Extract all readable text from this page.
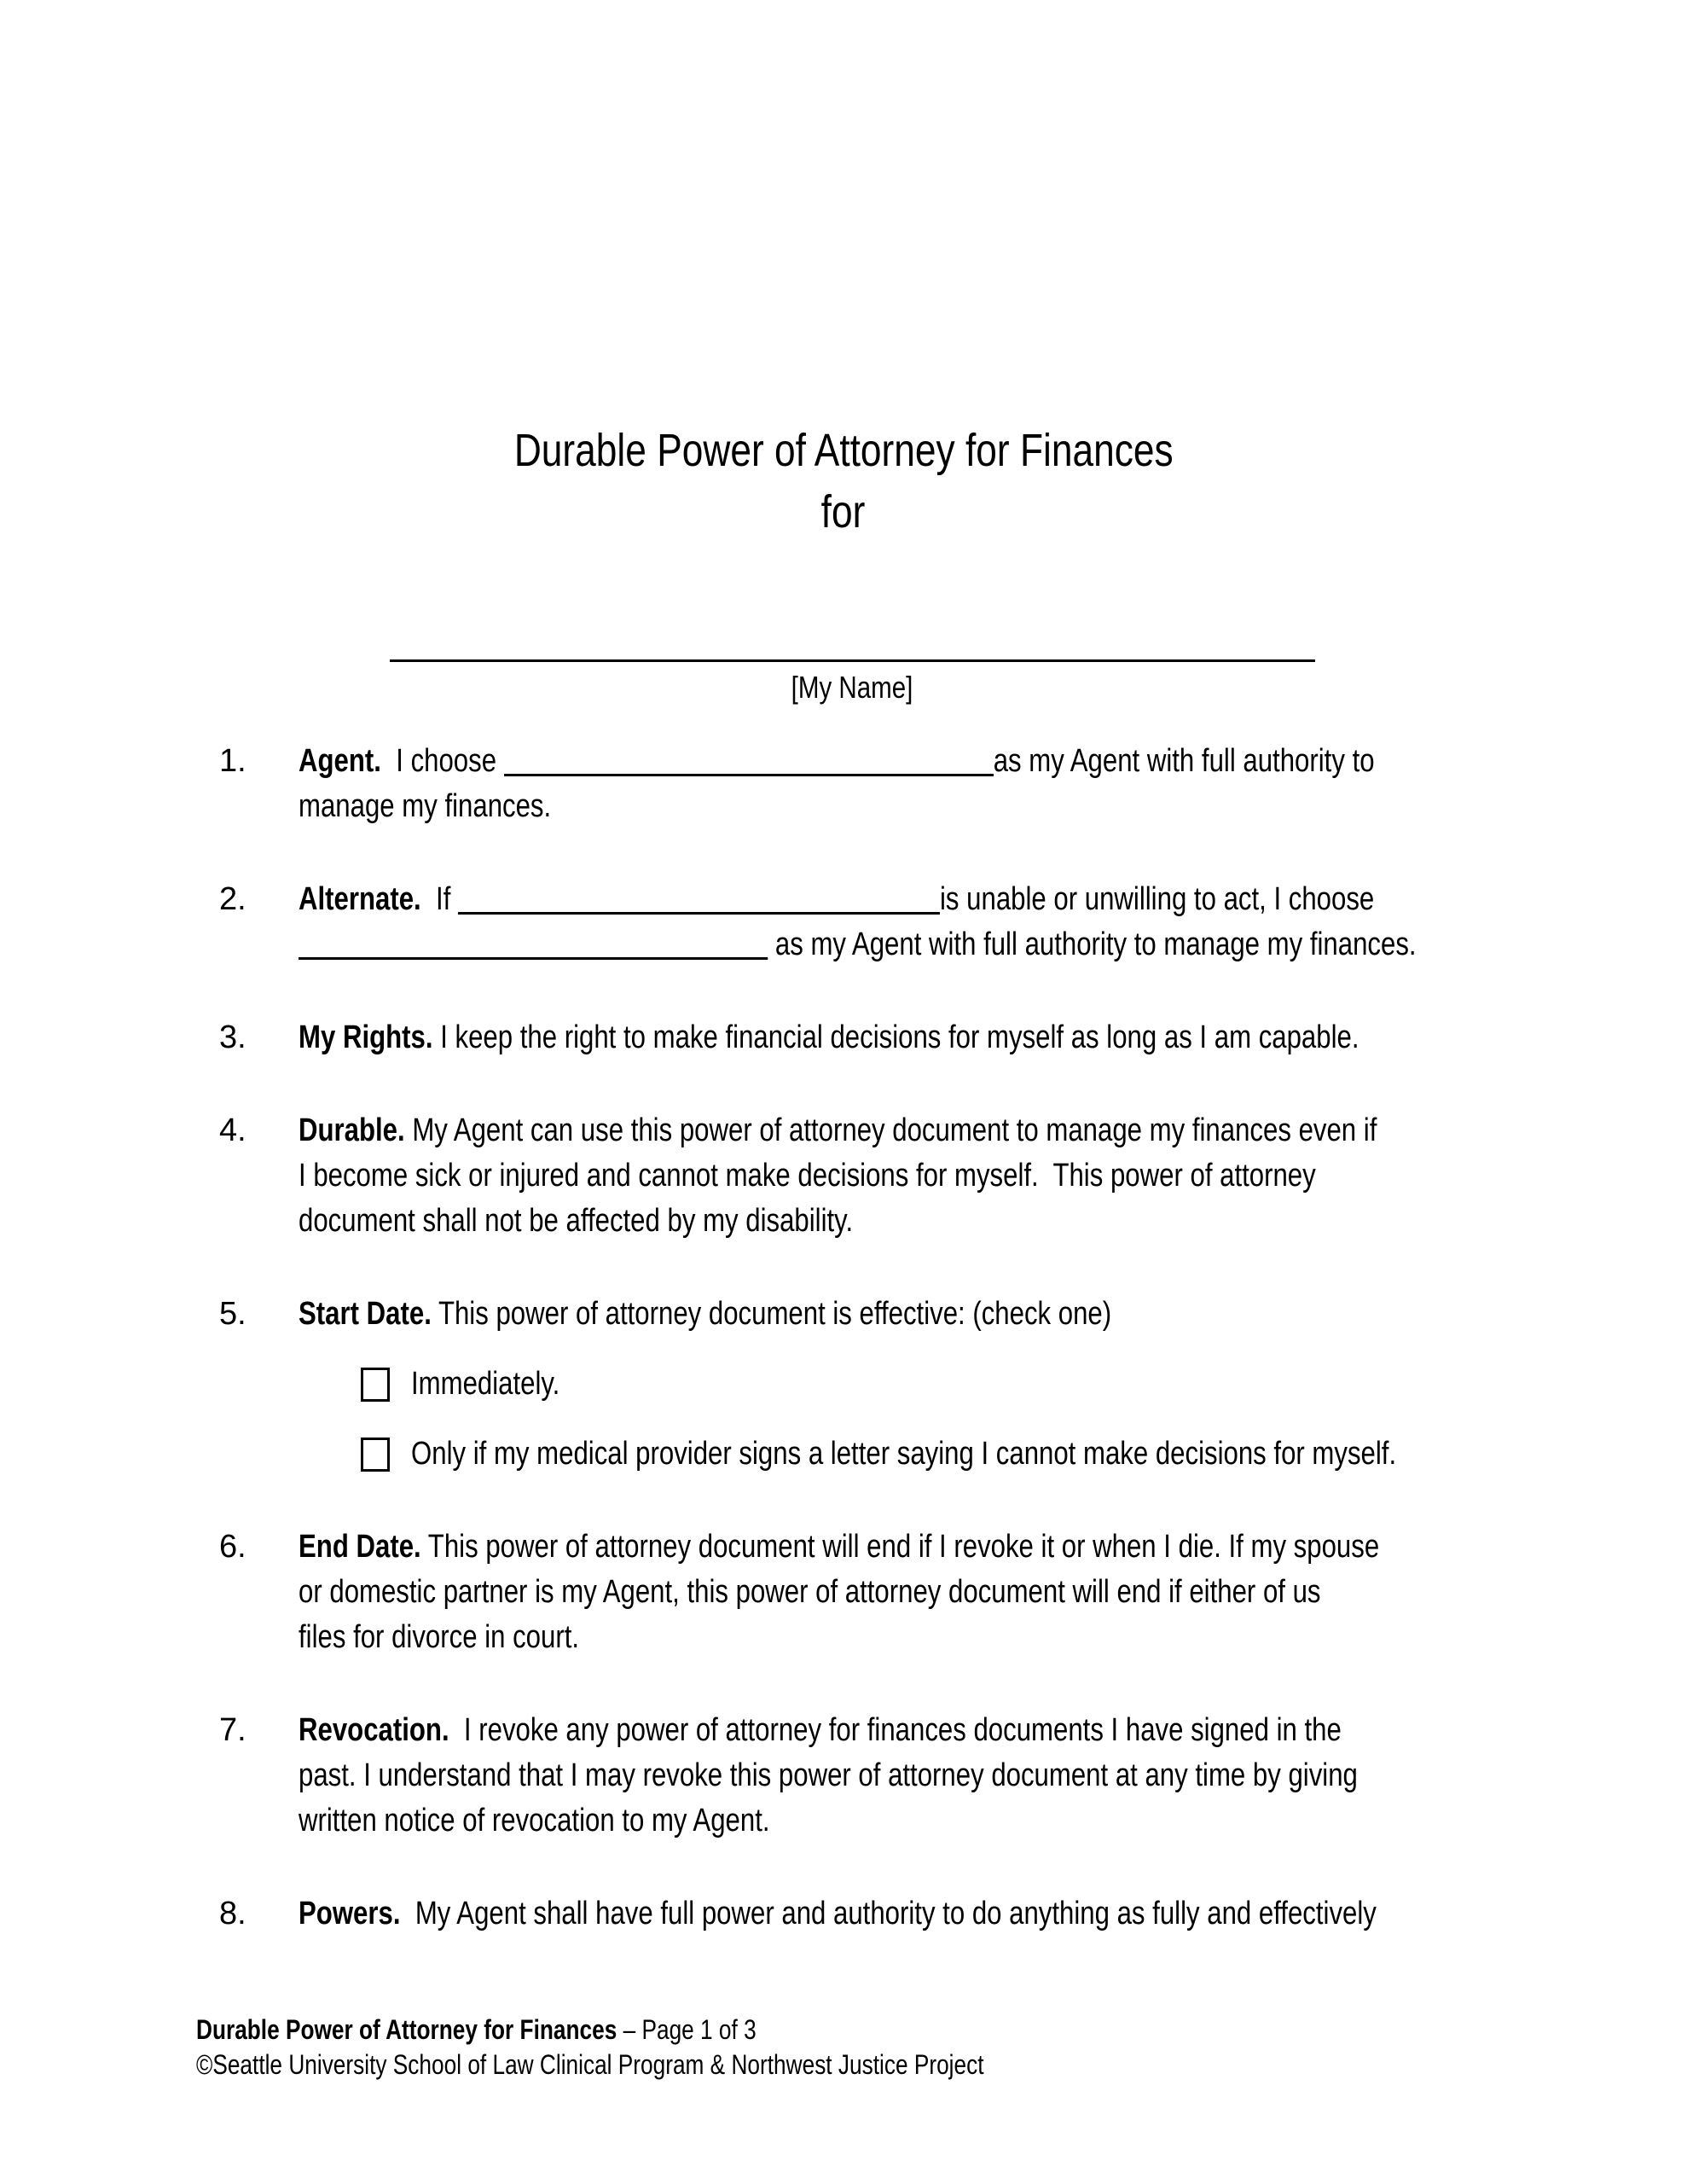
Durable Power of Attorney for Finances
for
[My Name]
1. Agent.  I choose	as my Agent with full authority to
manage my finances.
2. Alternate.  If	is unable or unwilling to act, I choose
as my Agent with full authority to manage my finances.
3. My Rights. I keep the right to make financial decisions for myself as long as I am capable.
4. Durable. My Agent can use this power of attorney document to manage my finances even if
I become sick or injured and cannot make decisions for myself.  This power of attorney
document shall not be affected by my disability.
5. Start Date. This power of attorney document is effective: (check one)
Immediately.
Only if my medical provider signs a letter saying I cannot make decisions for myself.
6. End Date. This power of attorney document will end if I revoke it or when I die. If my spouse
or domestic partner is my Agent, this power of attorney document will end if either of us
files for divorce in court.
7. Revocation.  I revoke any power of attorney for finances documents I have signed in the
past. I understand that I may revoke this power of attorney document at any time by giving
written notice of revocation to my Agent.
8. Powers.  My Agent shall have full power and authority to do anything as fully and effectively
Durable Power of Attorney for Finances – Page 1 of 3
©Seattle University School of Law Clinical Program & Northwest Justice Project
